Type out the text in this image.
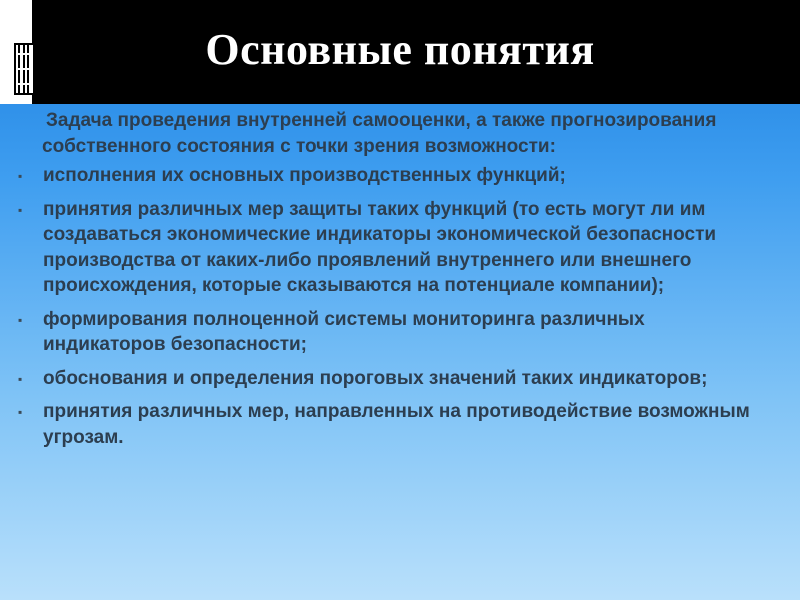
Основные понятия

Задача проведения внутренней самооценки, а также прогнозирования собственного состояния с точки зрения возможности:

▪ исполнения их основных производственных функций;
▪ принятия различных мер защиты таких функций (то есть могут ли им создаваться экономические индикаторы экономической безопасности производства от каких-либо проявлений внутреннего или внешнего происхождения, которые сказываются на потенциале компании);
▪ формирования полноценной системы мониторинга различных индикаторов безопасности;
▪ обоснования и определения пороговых значений таких индикаторов;
▪ принятия различных мер, направленных на противодействие возможным угрозам.
